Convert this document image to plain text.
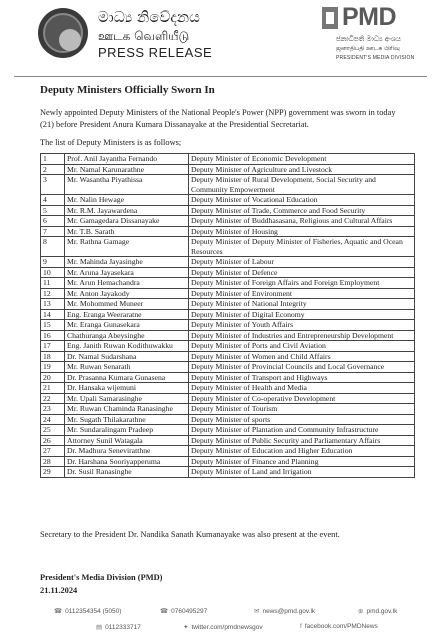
මාධ්‍ය නිවේදනය
ஊடக வெளியீடு
PRESS RELEASE
PMD
ජනාධිපති මාධ්‍ය අංශය
ஜனாதிபதி ஊடக பிரிவு
PRESIDENT'S MEDIA DIVISION
Deputy Ministers Officially Sworn In
Newly appointed Deputy Ministers of the National People's Power (NPP) government was sworn in today (21) before President Anura Kumara Dissanayake at the Presidential Secretariat.
The list of Deputy Ministers is as follows;
1	Prof. Anil Jayantha Fernando	Deputy Minister of Economic Development
2	Mr. Namal Karunarathne	Deputy Minister of Agriculture and Livestock
3	Mr. Wasantha Piyathissa	Deputy Minister of Rural Development, Social Security and Community Empowerment
4	Mr. Nalin Hewage	Deputy Minister of Vocational Education
5	Mr. R.M. Jayawardena	Deputy Minister of Trade, Commerce and Food Security
6	Mr. Gamagedara Dissanayake	Deputy Minister of Buddhasasana, Religious and Cultural Affairs
7	Mr. T.B. Sarath	Deputy Minister of Housing
8	Mr. Rathna Gamage	Deputy Minister of Deputy Minister of Fisheries, Aquatic and Ocean Resources
9	Mr. Mahinda Jayasinghe	Deputy Minister of Labour
10	Mr. Aruna Jayasekara	Deputy Minister of Defence
11	Mr. Arun Hemachandra	Deputy Minister of Foreign Affairs and Foreign Employment
12	Mr. Anton Jayakody	Deputy Minister of Environment
13	Mr. Mohommed Muneer	Deputy Minister of National Integrity
14	Eng. Eranga Weeraratne	Deputy Minister of Digital Economy
15	Mr. Eranga Gunasekara	Deputy Minister of Youth Affairs
16	Chathuranga Abeysinghe	Deputy Minister of Industries and Entrepreneurship Development
17	Eng. Janith Ruwan Kodithuwakku	Deputy Minister of Ports and Civil Aviation
18	Dr. Namal Sudarshana	Deputy Minister of Women and Child Affairs
19	Mr. Ruwan Senarath	Deputy Minister of Provincial Councils and Local Governance
20	Dr. Prasanna Kumara Gunasena	Deputy Minister of Transport and Highways
21	Dr. Hansaka wijemuni	Deputy Minister of Health and Media
22	Mr. Upali Samarasinghe	Deputy Minister of Co-operative Development
23	Mr. Ruwan Chaminda Ranasinghe	Deputy Minister of Tourism
24	Mr. Sugath Thilakarathne	Deputy Minister of sports
25	Mr. Sundaralingam Pradeep	Deputy Minister of Plantation and Community Infrastructure
26	Attorney Sunil Watagala	Deputy Minister of Public Security and Parliamentary Affairs
27	Dr. Madhura Seneviratthne	Deputy Minister of Education and Higher Education
28	Dr. Harshana Sooriyapperuma	Deputy Minister of Finance and Planning
29	Dr. Susil Ranasinghe	Deputy Minister of Land and Irrigation
Secretary to the President Dr. Nandika Sanath Kumanayake was also present at the event.
President's Media Division (PMD)
21.11.2024
☎ 0112354354 (5050)	☎ 0760495297	✉ news@pmd.gov.lk	⊕ pmd.gov.lk
▤ 0112333717	✦ twitter.com/pmdnewsgov	f facebook.com/PMDNews
